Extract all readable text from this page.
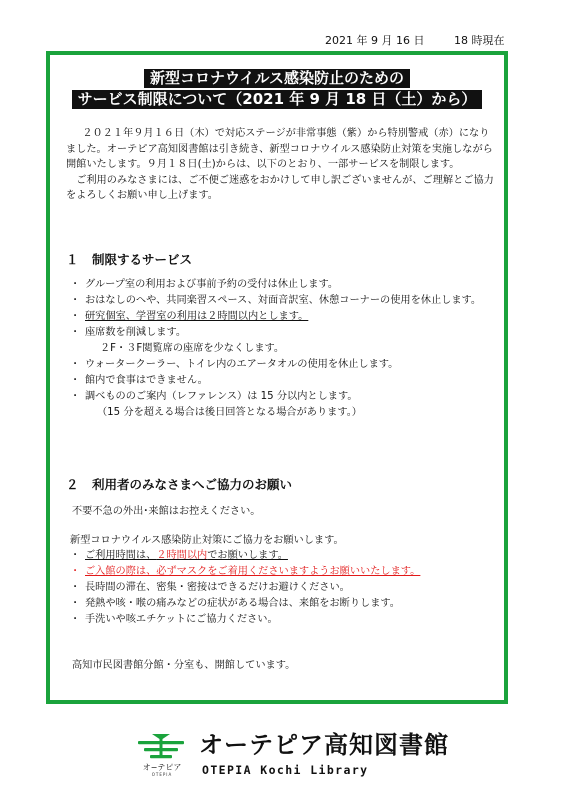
2021 年 9 月 16 日	18 時現在
新型コロナウイルス感染防止のための
サービス制限について（2021 年 9 月 18 日（土）から）

２０２１年９月１６日（木）で対応ステージが非常事態（紫）から特別警戒（赤）になりました。オーテピア高知図書館は引き続き、新型コロナウイルス感染防止対策を実施しながら開館いたします。９月１８日(土)からは、以下のとおり、一部サービスを制限します。

ご利用のみなさまには、ご不便ご迷惑をおかけして申し訳ございませんが、ご理解とご協力をよろしくお願い申し上げます。

１ 制限するサービス
・ グループ室の利用および事前予約の受付は休止します。
・ おはなしのへや、共同楽習スペース、対面音訳室、休憩コーナーの使用を休止します。
・ 研究個室、学習室の利用は２時間以内とします。
・ 座席数を削減します。
２F・３F閲覧席の座席を少なくします。
・ ウォータークーラー、トイレ内のエアータオルの使用を休止します。
・ 館内で食事はできません。
・ 調べもののご案内（レファレンス）は 15 分以内とします。
（15 分を超える場合は後日回答となる場合があります。）
２ 利用者のみなさまへご協力のお願い
不要不急の外出･来館はお控えください。
新型コロナウイルス感染防止対策にご協力をお願いします。
・ ご利用時間は、２時間以内でお願いします。
・ ご入館の際は、必ずマスクをご着用くださいますようお願いいたします。
・ 長時間の滞在、密集・密接はできるだけお避けください。
・ 発熱や咳・喉の痛みなどの症状がある場合は、来館をお断りします。
・ 手洗いや咳エチケットにご協力ください。
高知市民図書館分館・分室も、開館しています。
オ−テピア
OTEPIA
オーテピア高知図書館
OTEPIA Kochi Library
